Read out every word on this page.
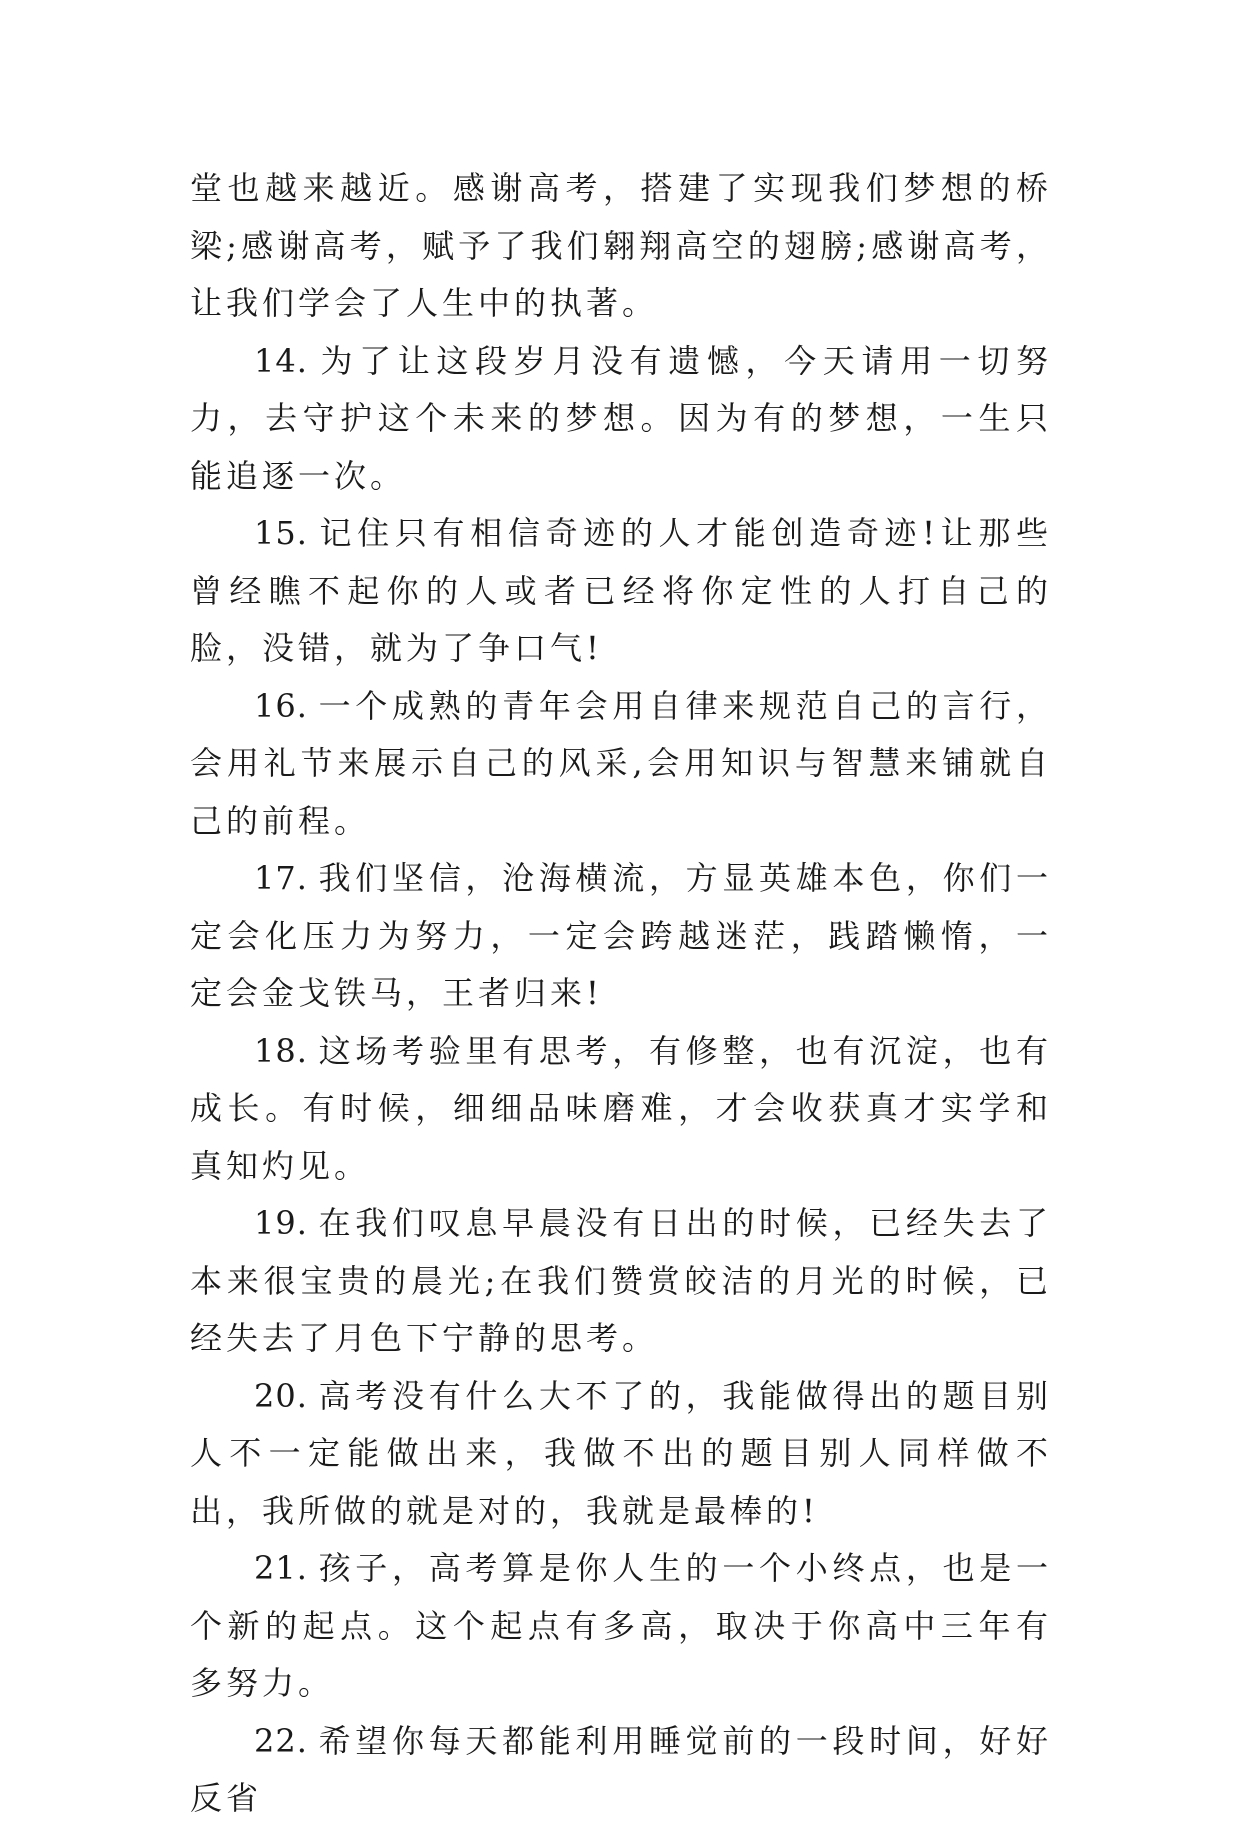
堂也越来越近。感谢高考，搭建了实现我们梦想的桥梁;感谢高考，赋予了我们翱翔高空的翅膀;感谢高考，让我们学会了人生中的执著。

14. 为了让这段岁月没有遗憾，今天请用一切努力，去守护这个未来的梦想。因为有的梦想，一生只能追逐一次。

15. 记住只有相信奇迹的人才能创造奇迹!让那些曾经瞧不起你的人或者已经将你定性的人打自己的脸，没错，就为了争口气!

16. 一个成熟的青年会用自律来规范自己的言行，会用礼节来展示自己的风采,会用知识与智慧来铺就自己的前程。

17. 我们坚信，沧海横流，方显英雄本色，你们一定会化压力为努力，一定会跨越迷茫，践踏懒惰，一定会金戈铁马，王者归来!

18. 这场考验里有思考，有修整，也有沉淀，也有成长。有时候，细细品味磨难，才会收获真才实学和真知灼见。

19. 在我们叹息早晨没有日出的时候，已经失去了本来很宝贵的晨光;在我们赞赏皎洁的月光的时候，已经失去了月色下宁静的思考。

20. 高考没有什么大不了的，我能做得出的题目别人不一定能做出来，我做不出的题目别人同样做不出，我所做的就是对的，我就是最棒的!

21. 孩子，高考算是你人生的一个小终点，也是一个新的起点。这个起点有多高，取决于你高中三年有多努力。

22. 希望你每天都能利用睡觉前的一段时间，好好反省
